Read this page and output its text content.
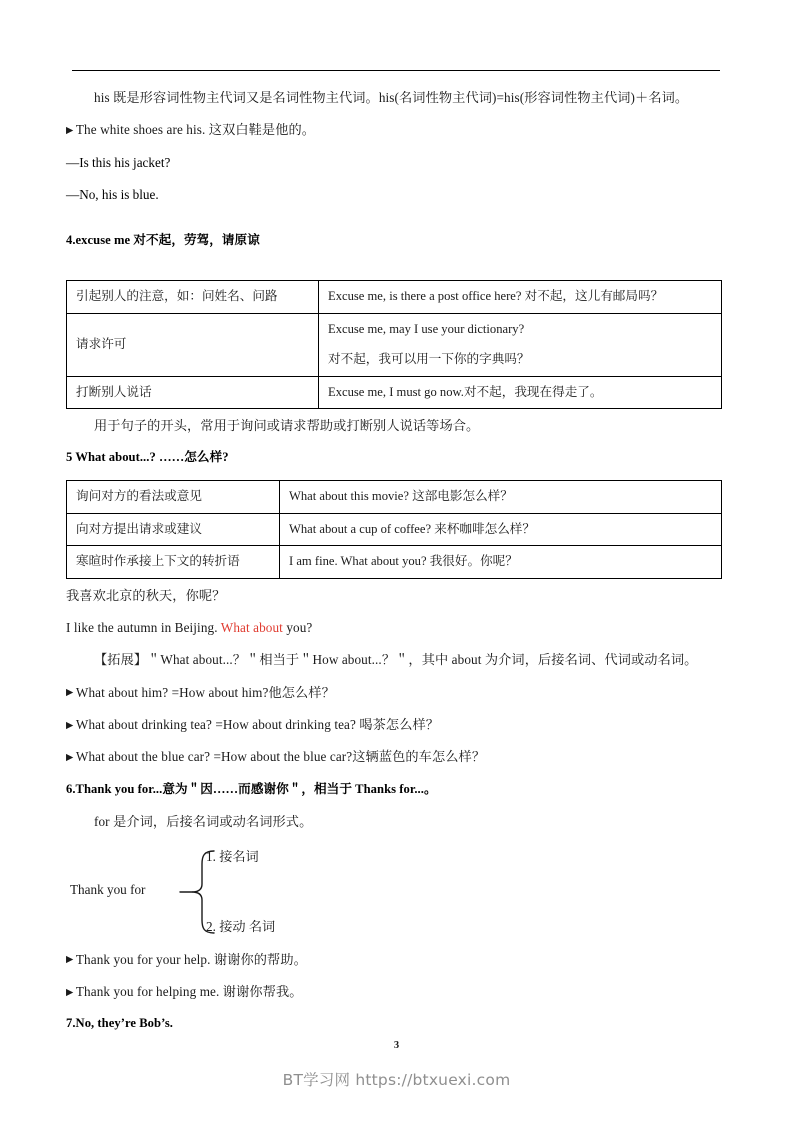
his 既是形容词性物主代词又是名词性物主代词。his(名词性物主代词)=his(形容词性物主代词)＋名词。

▶ The white shoes are his. 这双白鞋是他的。

—Is this his jacket?

—No, his is blue.

4.excuse me 对不起，劳驾，请原谅

引起别人的注意，如：问姓名、问路	Excuse me, is there a post office here? 对不起，这儿有邮局吗？

请求许可	Excuse me, may I use your dictionary?
对不起，我可以用一下你的字典吗？

打断别人说话	Excuse me, I must go now.对不起，我现在得走了。

用于句子的开头，常用于询问或请求帮助或打断别人说话等场合。

5 What about...? ……怎么样?

询问对方的看法或意见	What about this movie? 这部电影怎么样？
向对方提出请求或建议	What about a cup of coffee? 来杯咖啡怎么样？
寒暄时作承接上下文的转折语	I am fine. What about you? 我很好。你呢？

我喜欢北京的秋天，你呢？

I like the autumn in Beijing. What about you?

【拓展】＂What about...？＂相当于＂How about...？＂，其中 about 为介词，后接名词、代词或动名词。

▶ What about him? =How about him?他怎么样？

▶ What about drinking tea? =How about drinking tea? 喝茶怎么样？

▶ What about the blue car? =How about the blue car?这辆蓝色的车怎么样？

6.Thank you for...意为＂因……而感谢你＂，相当于 Thanks for...。

for 是介词，后接名词或动名词形式。

Thank you for
1. 接名词
2. 接动 名词

▶ Thank you for your help. 谢谢你的帮助。

▶ Thank you for helping me. 谢谢你帮我。

7.No, they’re Bob’s.

3
BT学习网 https://btxuexi.com
